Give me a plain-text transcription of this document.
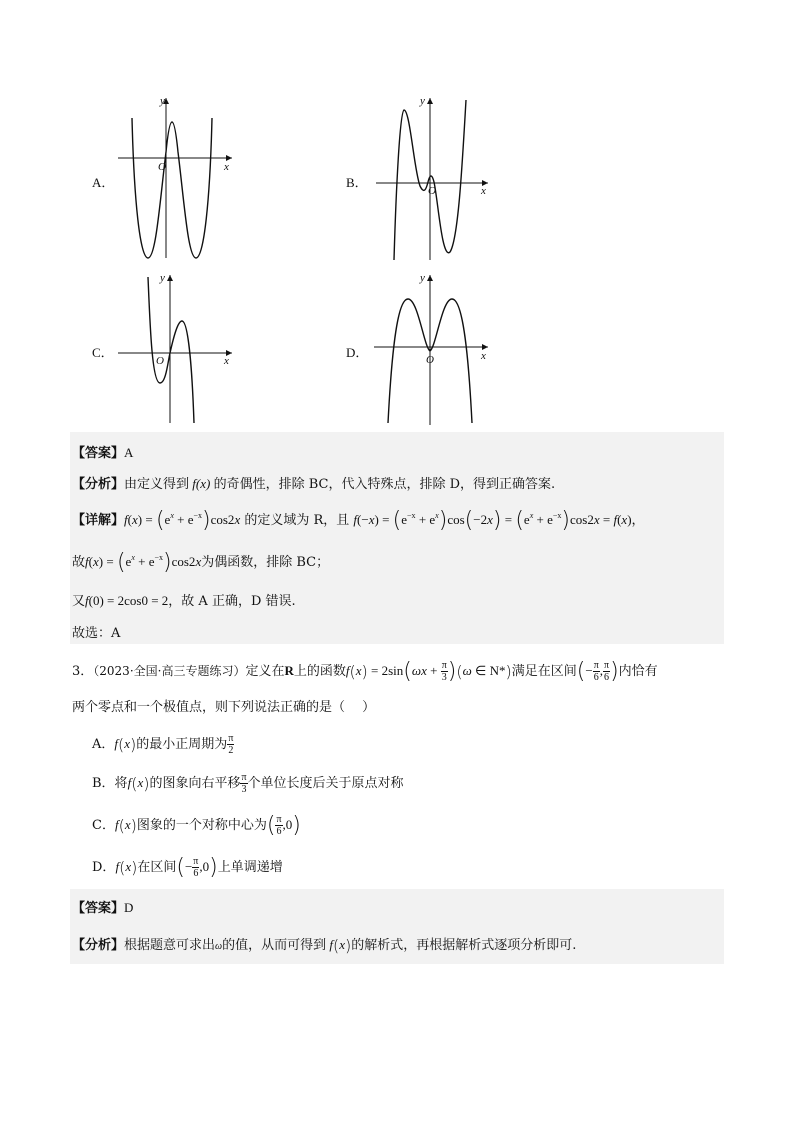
A．
y
x
O
B．
y
x
O
C．
y
x
O
D．
y
x
O
【答案】A
【分析】由定义得到 f(x) 的奇偶性，排除 BC，代入特殊点，排除 D，得到正确答案.
【详解】$f(x) = (e^x + e^{-x})\cos 2x$ 的定义域为 R，且 $f(-x) = (e^{-x} + e^x)\cos(-2x) = (e^x + e^{-x})\cos 2x = f(x)$，
故$f(x) = (e^x + e^{-x})\cos 2x$为偶函数，排除 BC；
又f(0) = 2cos0 = 2，故 A 正确，D 错误.
故选：A
3．（2023·全国·高三专题练习）定义在R上的函数$f(x) = 2\sin(\omega x + \frac{\pi}{3} )(\omega$ ∈ N*)满足在区间(− $\frac{\pi}{6}$ , $\frac{\pi}{6}$ )内恰有
两个零点和一个极值点，则下列说法正确的是（　 ）
A．f(x)的最小正周期为 $\frac{\pi}{2}$
B．将f(x)的图象向右平移 $\frac{\pi}{3}$ 个单位长度后关于原点对称
C．f(x)图象的一个对称中心为( $\frac{\pi}{6} ,0$)
D．f(x)在区间(− $\frac{\pi}{6} ,0$)上单调递增
【答案】D
【分析】根据题意可求出ω的值，从而可得到 f(x)的解析式，再根据解析式逐项分析即可.
